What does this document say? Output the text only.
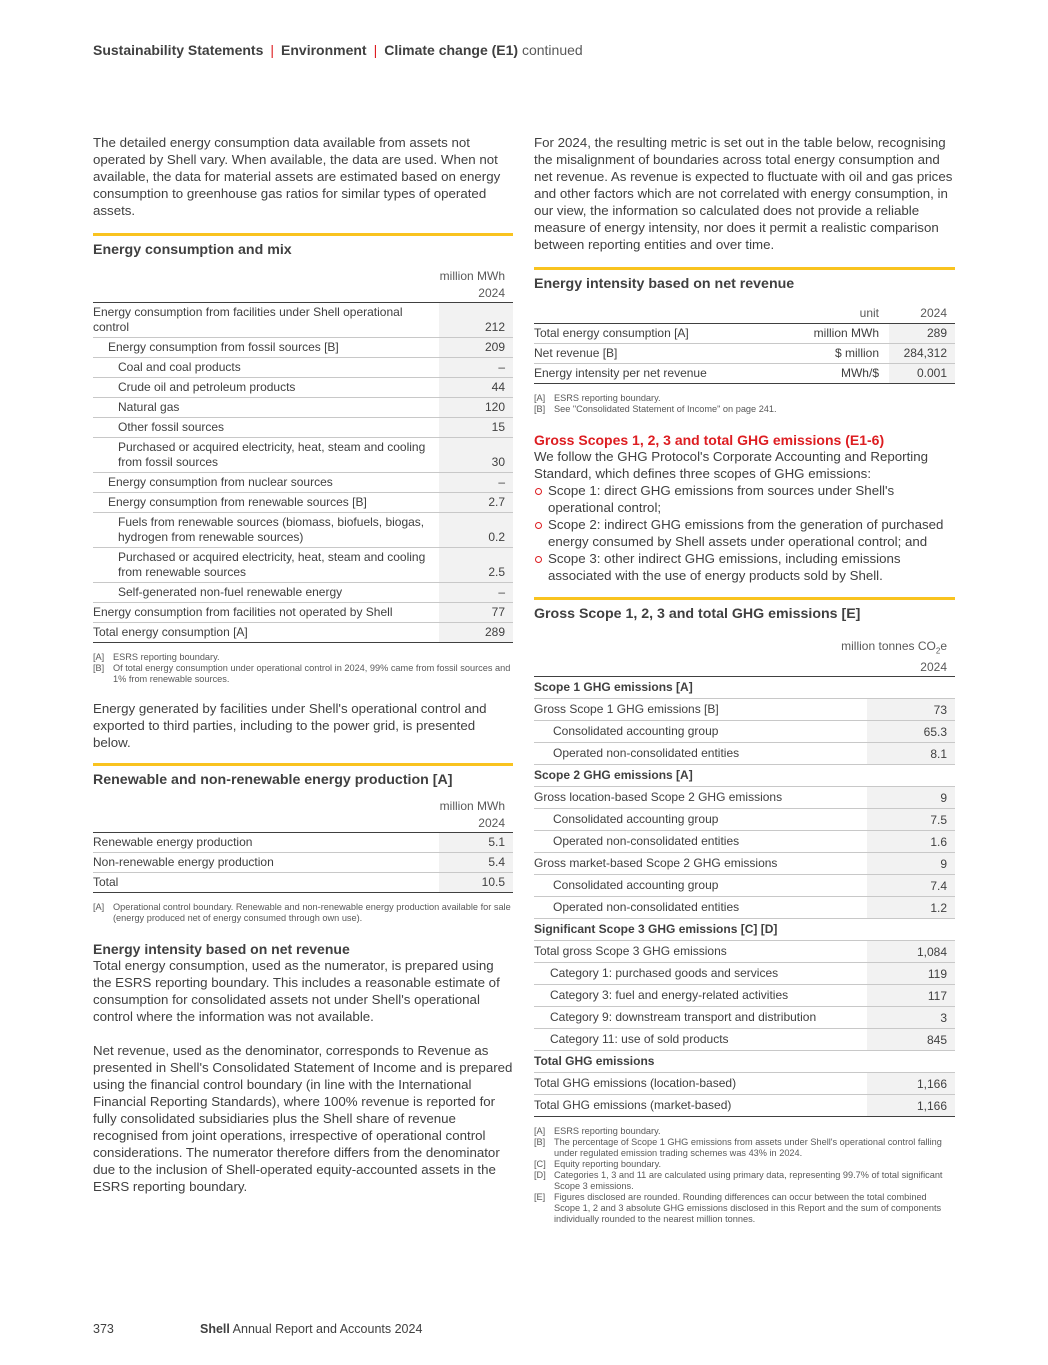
Sustainability Statements | Environment | Climate change (E1) continued

The detailed energy consumption data available from assets not operated by Shell vary. When available, the data are used. When not available, the data for material assets are estimated based on energy consumption to greenhouse gas ratios for similar types of operated assets.

Energy consumption and mix
million MWh
2024
Energy consumption from facilities under Shell operational control	212
Energy consumption from fossil sources [B]	209
Coal and coal products	–
Crude oil and petroleum products	44
Natural gas	120
Other fossil sources	15
Purchased or acquired electricity, heat, steam and cooling from fossil sources	30
Energy consumption from nuclear sources	–
Energy consumption from renewable sources [B]	2.7
Fuels from renewable sources (biomass, biofuels, biogas, hydrogen from renewable sources)	0.2
Purchased or acquired electricity, heat, steam and cooling from renewable sources	2.5
Self-generated non-fuel renewable energy	–
Energy consumption from facilities not operated by Shell	77
Total energy consumption [A]	289
[A] ESRS reporting boundary.
[B] Of total energy consumption under operational control in 2024, 99% came from fossil sources and 1% from renewable sources.

Energy generated by facilities under Shell's operational control and exported to third parties, including to the power grid, is presented below.

Renewable and non-renewable energy production [A]
million MWh
2024
Renewable energy production	5.1
Non-renewable energy production	5.4
Total	10.5
[A] Operational control boundary. Renewable and non-renewable energy production available for sale (energy produced net of energy consumed through own use).
Energy intensity based on net revenue

Total energy consumption, used as the numerator, is prepared using the ESRS reporting boundary. This includes a reasonable estimate of consumption for consolidated assets not under Shell's operational control where the information was not available.

Net revenue, used as the denominator, corresponds to Revenue as presented in Shell's Consolidated Statement of Income and is prepared using the financial control boundary (in line with the International Financial Reporting Standards), where 100% revenue is reported for fully consolidated subsidiaries plus the Shell share of revenue recognised from joint operations, irrespective of operational control considerations. The numerator therefore differs from the denominator due to the inclusion of Shell-operated equity-accounted assets in the ESRS reporting boundary.

For 2024, the resulting metric is set out in the table below, recognising the misalignment of boundaries across total energy consumption and net revenue. As revenue is expected to fluctuate with oil and gas prices and other factors which are not correlated with energy consumption, in our view, the information so calculated does not provide a reliable measure of energy intensity, nor does it permit a realistic comparison between reporting entities and over time.

Energy intensity based on net revenue
	unit	2024
Total energy consumption [A]	million MWh	289
Net revenue [B]	$ million	284,312
Energy intensity per net revenue	MWh/$	0.001
[A] ESRS reporting boundary.
[B] See "Consolidated Statement of Income" on page 241.
Gross Scopes 1, 2, 3 and total GHG emissions (E1-6)

We follow the GHG Protocol's Corporate Accounting and Reporting Standard, which defines three scopes of GHG emissions:

Scope 1: direct GHG emissions from sources under Shell's operational control;
Scope 2: indirect GHG emissions from the generation of purchased energy consumed by Shell assets under operational control; and
Scope 3: other indirect GHG emissions, including emissions associated with the use of energy products sold by Shell.
Gross Scope 1, 2, 3 and total GHG emissions [E]
million tonnes $CO_2e$
2024
Scope 1 GHG emissions [A]	
Gross Scope 1 GHG emissions [B]	73
Consolidated accounting group	65.3
Operated non-consolidated entities	8.1
Scope 2 GHG emissions [A]	
Gross location-based Scope 2 GHG emissions	9
Consolidated accounting group	7.5
Operated non-consolidated entities	1.6
Gross market-based Scope 2 GHG emissions	9
Consolidated accounting group	7.4
Operated non-consolidated entities	1.2
Significant Scope 3 GHG emissions [C] [D]	
Total gross Scope 3 GHG emissions	1,084
Category 1: purchased goods and services	119
Category 3: fuel and energy-related activities	117
Category 9: downstream transport and distribution	3
Category 11: use of sold products	845
Total GHG emissions	
Total GHG emissions (location-based)	1,166
Total GHG emissions (market-based)	1,166
[A] ESRS reporting boundary.
[B] The percentage of Scope 1 GHG emissions from assets under Shell's operational control falling under regulated emission trading schemes was 43% in 2024.
[C] Equity reporting boundary.
[D] Categories 1, 3 and 11 are calculated using primary data, representing 99.7% of total significant Scope 3 emissions.
[E] Figures disclosed are rounded. Rounding differences can occur between the total combined Scope 1, 2 and 3 absolute GHG emissions disclosed in this Report and the sum of components individually rounded to the nearest million tonnes.
373	Shell Annual Report and Accounts 2024
